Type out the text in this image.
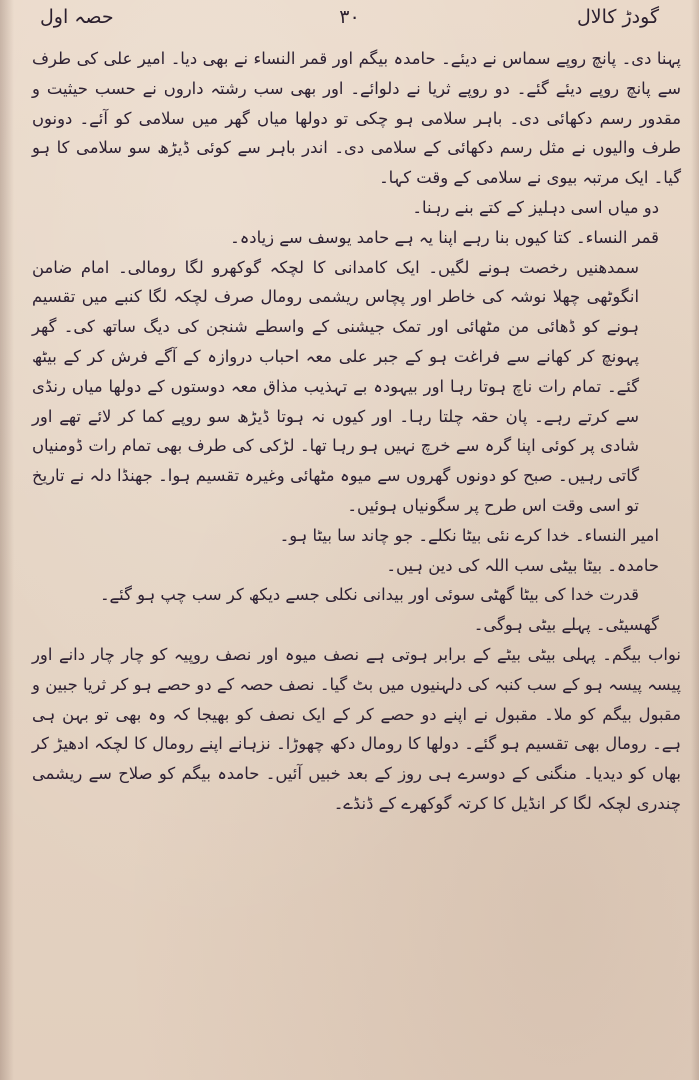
گودڑ کالال
۳۰
حصہ اول

پہنا دی۔ پانچ روپے سماس نے دیئے۔ حامدہ بیگم اور قمر النساء نے بھی دیا۔ امیر علی کی طرف سے پانچ روپے دیئے گئے۔ دو روپے ثریا نے دلوائے۔ اور بھی سب رشتہ داروں نے حسب حیثیت و مقدور رسم دکھائی دی۔ باہر سلامی ہو چکی تو دولھا میاں گھر میں سلامی کو آئے۔ دونوں طرف والیوں نے مثل رسم دکھائی کے سلامی دی۔ اندر باہر سے کوئی ڈیڑھ سو سلامی کا ہو گیا۔ ایک مرتبہ بیوی نے سلامی کے وقت کہا۔

دو میاں اسی دہلیز کے کتے بنے رہنا۔

قمر النساء۔ کتا کیوں بنا رہے اپنا یہ ہے حامد یوسف سے زیادہ۔

سمدھنیں رخصت ہونے لگیں۔ ایک کامدانی کا لچکہ گوکھرو لگا رومالی۔ امام ضامن انگوٹھی چھلا نوشہ کی خاطر اور پچاس ریشمی رومال صرف لچکہ لگا کنبے میں تقسیم ہونے کو ڈھائی من مٹھائی اور تمک جیشنی کے واسطے شنجن کی دیگ ساتھ کی۔ گھر پہونچ کر کھانے سے فراغت ہو کے جبر علی معہ احباب دروازہ کے آگے فرش کر کے بیٹھ گئے۔ تمام رات ناچ ہوتا رہا اور بیہودہ بے تہذیب مذاق معہ دوستوں کے دولھا میاں رنڈی سے کرتے رہے۔ پان حقہ چلتا رہا۔ اور کیوں نہ ہوتا ڈیڑھ سو روپے کما کر لائے تھے اور شادی پر کوئی اپنا گرہ سے خرچ نہیں ہو رہا تھا۔ لڑکی کی طرف بھی تمام رات ڈومنیاں گاتی رہیں۔ صبح کو دونوں گھروں سے میوہ مٹھائی وغیرہ تقسیم ہوا۔ جھنڈا دلہ نے تاریخ تو اسی وقت اس طرح پر سگونیاں ہوئیں۔

امیر النساء۔ خدا کرے نئی بیٹا نکلے۔ جو چاند سا بیٹا ہو۔

حامدہ۔ بیٹا بیٹی سب اللہ کی دین ہیں۔

قدرت خدا کی بیٹا گھٹی سوئی اور بیدانی نکلی جسے دیکھ کر سب چپ ہو گئے۔

گھسیٹی۔ پہلے بیٹی ہوگی۔

نواب بیگم۔ پہلی بیٹی بیٹے کے برابر ہوتی ہے نصف میوہ اور نصف روپیہ کو چار چار دانے اور پیسہ پیسہ ہو کے سب کنبہ کی دلہنیوں میں بٹ گیا۔ نصف حصہ کے دو حصے ہو کر ثریا جبین و مقبول بیگم کو ملا۔ مقبول نے اپنے دو حصے کر کے ایک نصف کو بھیجا کہ وہ بھی تو بہن ہی ہے۔ رومال بھی تقسیم ہو گئے۔ دولھا کا رومال دکھ چھوڑا۔ نزہانے اپنے رومال کا لچکہ ادھیڑ کر بھاں کو دیدیا۔ منگنی کے دوسرے ہی روز کے بعد خبیں آئیں۔ حامدہ بیگم کو صلاح سے ریشمی چندری لچکہ لگا کر انڈیل کا کرتہ گوکھرے کے ڈنڈے۔
